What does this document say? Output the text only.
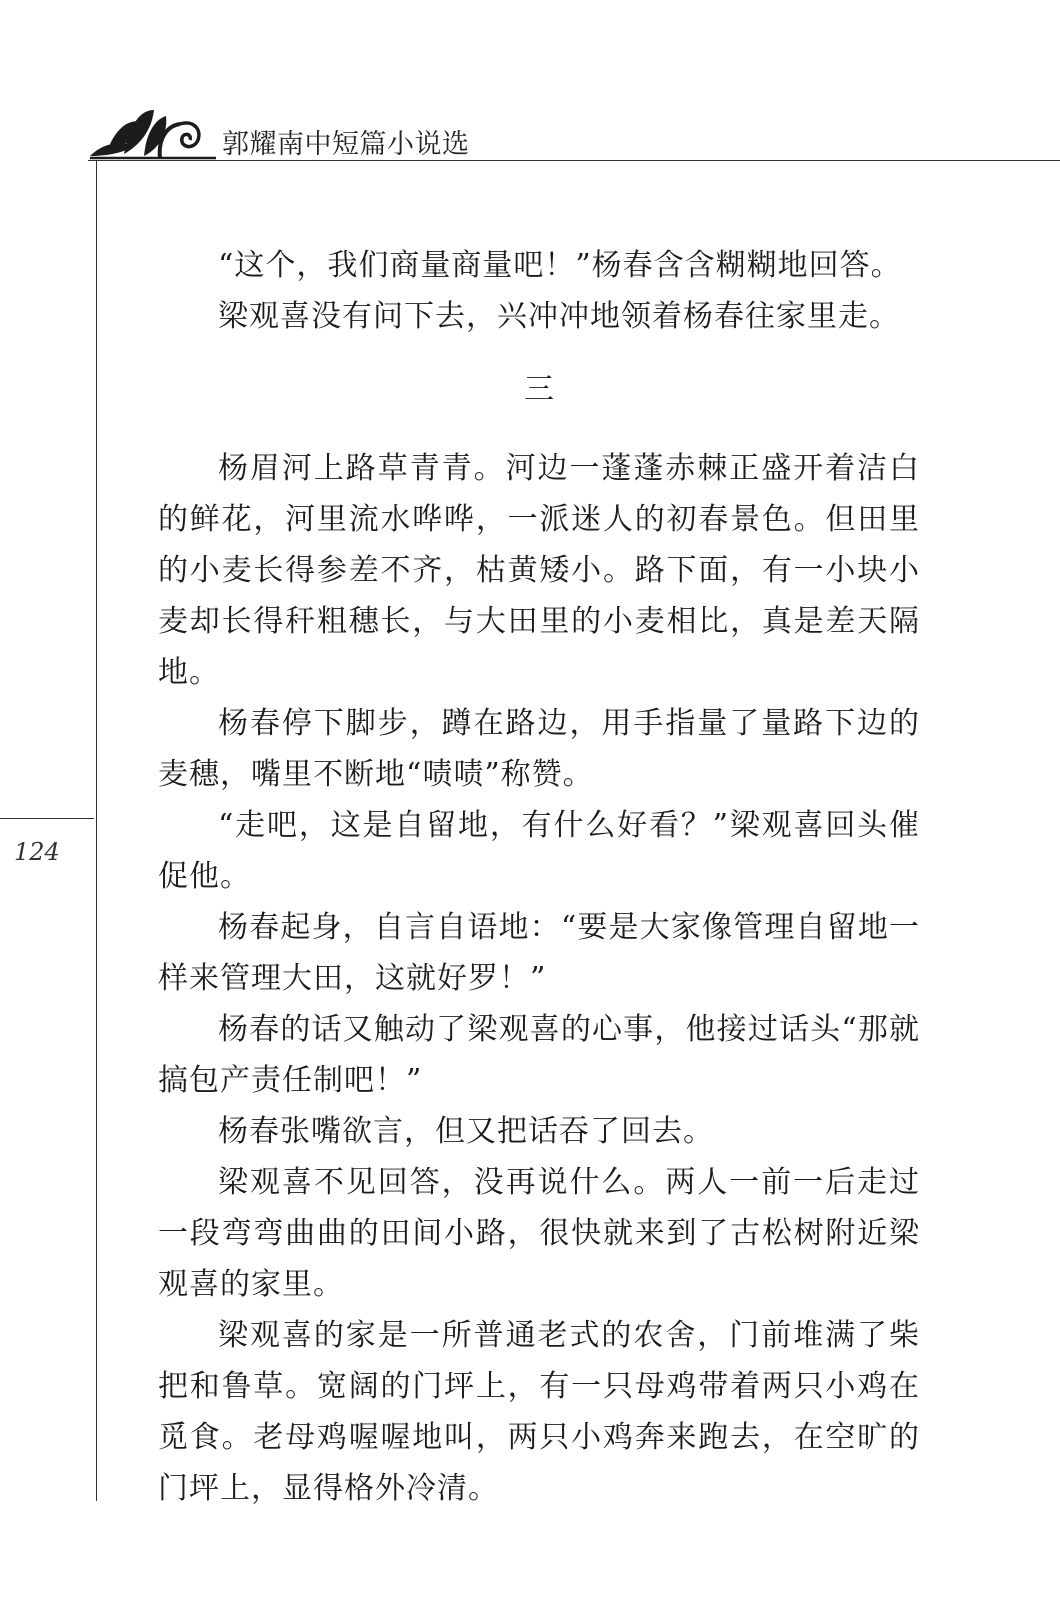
郭耀南中短篇小说选
124

“这个，我们商量商量吧！”杨春含含糊糊地回答。

梁观喜没有问下去，兴冲冲地领着杨春往家里走。

三

杨眉河上路草青青。河边一蓬蓬赤棘正盛开着洁白的鲜花，河里流水哗哗，一派迷人的初春景色。但田里的小麦长得参差不齐，枯黄矮小。路下面，有一小块小麦却长得秆粗穗长，与大田里的小麦相比，真是差天隔地。

杨春停下脚步，蹲在路边，用手指量了量路下边的麦穗，嘴里不断地“啧啧”称赞。

“走吧，这是自留地，有什么好看？”梁观喜回头催促他。

杨春起身，自言自语地：“要是大家像管理自留地一样来管理大田，这就好罗！”

杨春的话又触动了梁观喜的心事，他接过话头“那就搞包产责任制吧！”

杨春张嘴欲言，但又把话吞了回去。

梁观喜不见回答，没再说什么。两人一前一后走过一段弯弯曲曲的田间小路，很快就来到了古松树附近梁观喜的家里。

梁观喜的家是一所普通老式的农舍，门前堆满了柴把和鲁草。宽阔的门坪上，有一只母鸡带着两只小鸡在觅食。老母鸡喔喔地叫，两只小鸡奔来跑去，在空旷的门坪上，显得格外冷清。
